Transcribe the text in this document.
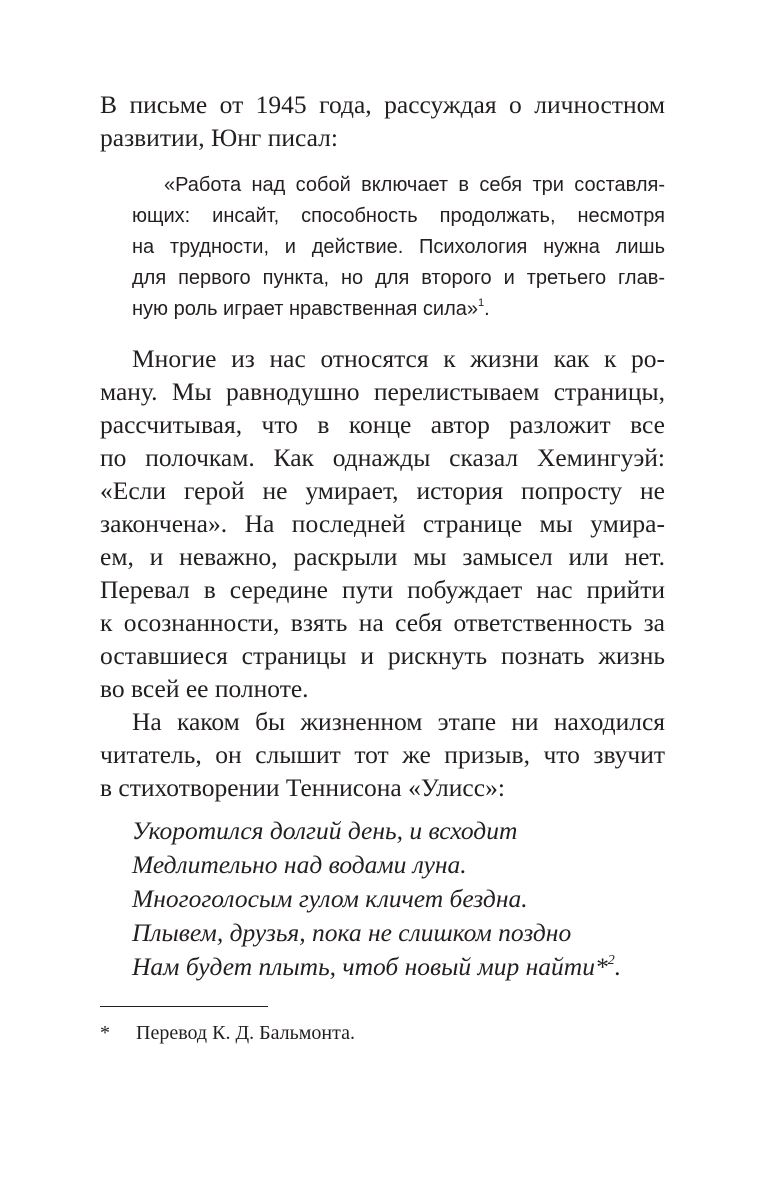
В письме от 1945 года, рассуждая о личностном
развитии, Юнг писал:
«Работа над собой включает в себя три составля-
ющих: инсайт, способность продолжать, несмотря
на трудности, и действие. Психология нужна лишь
для первого пункта, но для второго и третьего глав-
ную роль играет нравственная сила»$^1$.
Многие из нас относятся к жизни как к ро-
ману. Мы равнодушно перелистываем страницы,
рассчитывая, что в конце автор разложит все
по полочкам. Как однажды сказал Хемингуэй:
«Если герой не умирает, история попросту не
закончена». На последней странице мы умира-
ем, и неважно, раскрыли мы замысел или нет.
Перевал в середине пути побуждает нас прийти
к осознанности, взять на себя ответственность за
оставшиеся страницы и рискнуть познать жизнь
во всей ее полноте.
На каком бы жизненном этапе ни находился
читатель, он слышит тот же призыв, что звучит
в стихотворении Теннисона «Улисс»:
Укоротился долгий день, и всходит
Медлительно над водами луна.
Многоголосым гулом кличет бездна.
Плывем, друзья, пока не слишком поздно
Нам будет плыть, чтоб новый мир найти*$^2$.
*	Перевод К. Д. Бальмонта.
